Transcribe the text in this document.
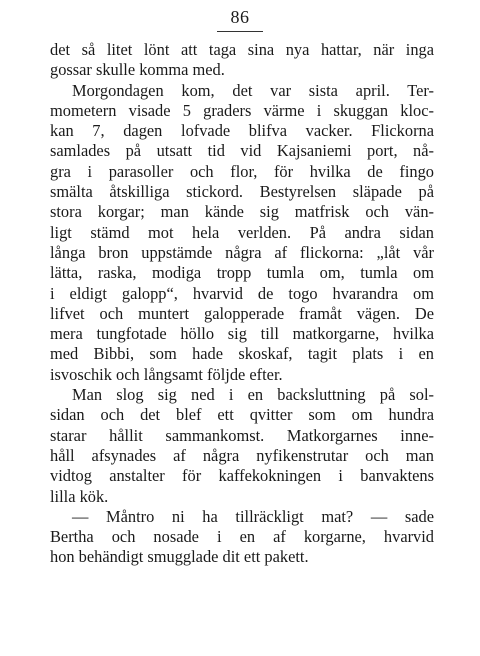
86
det så litet lönt att taga sina nya hattar, när inga
gossar skulle komma med.
Morgondagen kom, det var sista april. Ter-
mometern visade 5 graders värme i skuggan kloc-
kan 7, dagen lofvade blifva vacker. Flickorna
samlades på utsatt tid vid Kajsaniemi port, nå-
gra i parasoller och flor, för hvilka de fingo
smälta åtskilliga stickord. Bestyrelsen släpade på
stora korgar; man kände sig matfrisk och vän-
ligt stämd mot hela verlden. På andra sidan
långa bron uppstämde några af flickorna: „låt vår
lätta, raska, modiga tropp tumla om, tumla om
i eldigt galopp“, hvarvid de togo hvarandra om
lifvet och muntert galopperade framåt vägen. De
mera tungfotade höllo sig till matkorgarne, hvilka
med Bibbi, som hade skoskaf, tagit plats i en
isvoschik och långsamt följde efter.
Man slog sig ned i en backsluttning på sol-
sidan och det blef ett qvitter som om hundra
starar hållit sammankomst. Matkorgarnes inne-
håll afsynades af några nyfikenstrutar och man
vidtog anstalter för kaffekokningen i banvaktens
lilla kök.
— Måntro ni ha tillräckligt mat? — sade
Bertha och nosade i en af korgarne, hvarvid
hon behändigt smugglade dit ett pakett.
